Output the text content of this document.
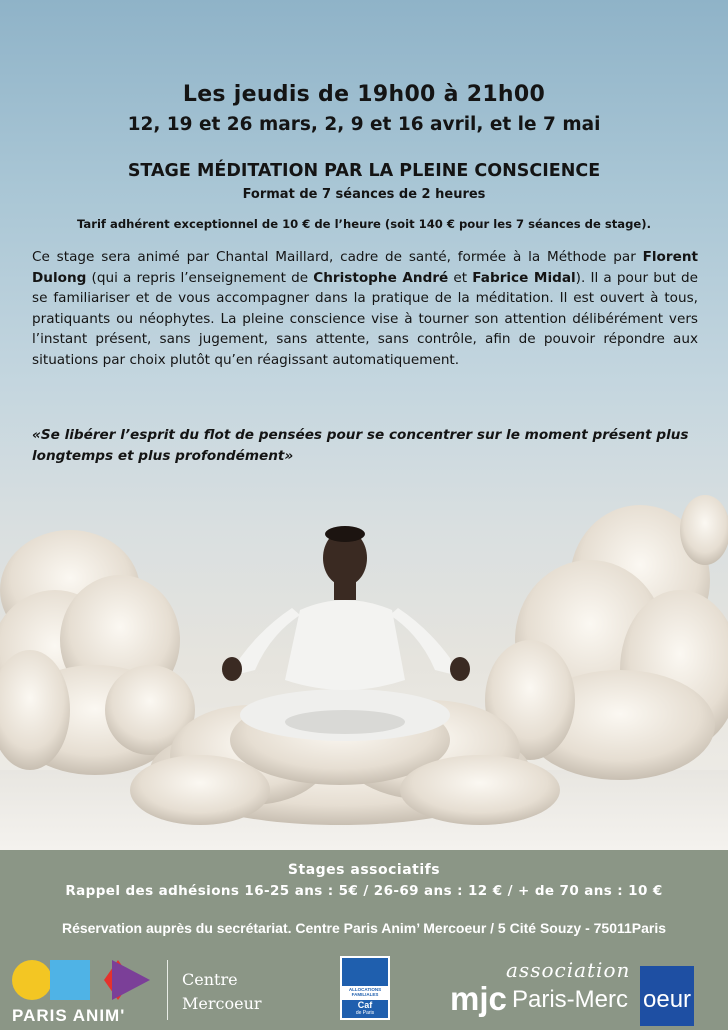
Les jeudis de 19h00 à 21h00
12, 19 et 26 mars, 2, 9 et 16 avril, et le 7 mai
STAGE MÉDITATION PAR LA PLEINE CONSCIENCE
Format de 7 séances de 2 heures
Tarif adhérent exceptionnel de 10 € de l’heure (soit 140 € pour les 7 séances de stage).
Ce stage sera animé par Chantal Maillard, cadre de santé, formée à la Méthode par Florent Dulong (qui a repris l’enseignement de Christophe André et Fabrice Midal). Il a pour but de se familiariser et de vous accompagner dans la pratique de la méditation. Il est ouvert à tous, pratiquants ou néophytes. La pleine conscience vise à tourner son attention délibérément vers l’instant présent, sans jugement, sans attente, sans contrôle, afin de pouvoir répondre aux situations par choix plutôt qu’en réagissant automatiquement.
«Se libérer l’esprit du flot de pensées pour se concentrer sur le moment présent plus longtemps et plus profondément»
Stages associatifs
Rappel des adhésions 16-25 ans : 5€ / 26-69 ans : 12 € / + de 70 ans : 10 €
Réservation auprès du secrétariat. Centre Paris Anim’ Mercoeur / 5 Cité Souzy - 75011Paris
PARIS ANIM'
Centre
Mercoeur
ALLOCATIONS FAMILIALES
Caf
de Paris
association
mjc Paris-Merc oeur
